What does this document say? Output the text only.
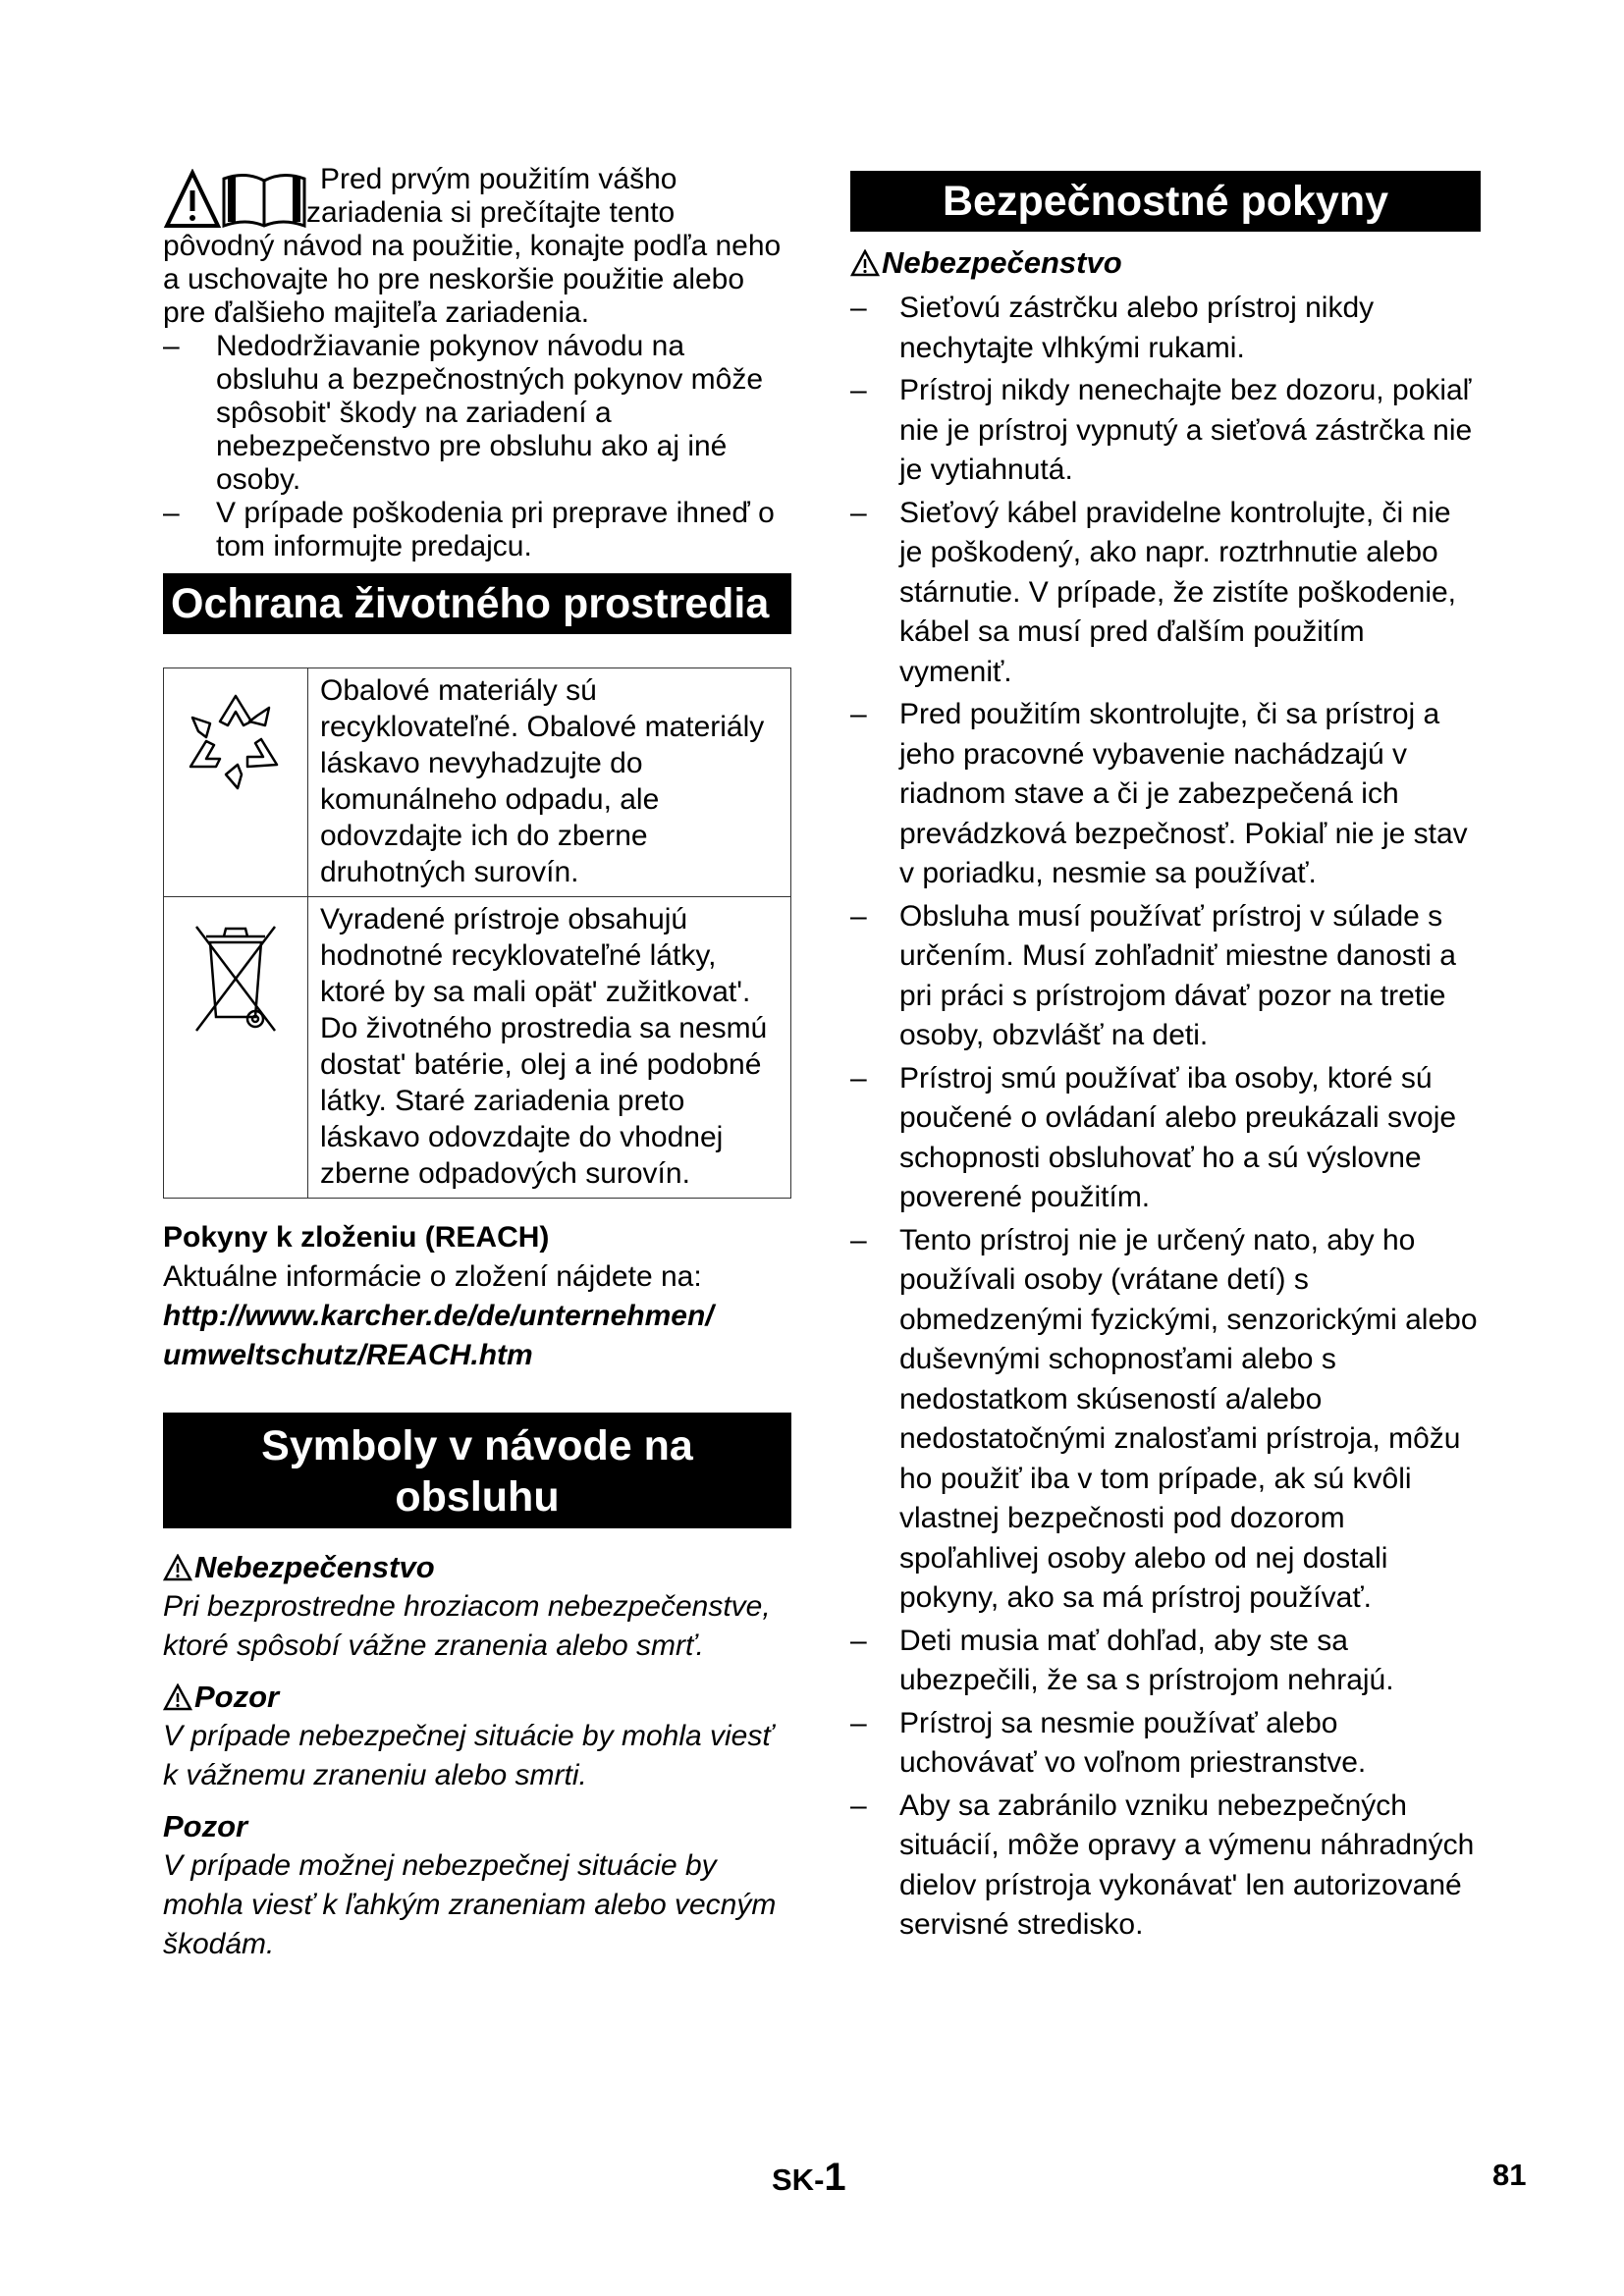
Pred prvým použitím vášho
zariadenia si prečítajte tento
pôvodný návod na použitie, konajte podľa neho a uschovajte ho pre neskoršie použitie alebo pre ďalšieho majiteľa zariadenia.
–
Nedodržiavanie pokynov návodu na obsluhu a bezpečnostných pokynov môže spôsobit' škody na zariadení a nebezpečenstvo pre obsluhu ako aj iné osoby.
–
V prípade poškodenia pri preprave ihneď o tom informujte predajcu.
Ochrana životného prostredia
	Obalové materiály sú recyklovateľné. Obalové materiály láskavo nevyhadzujte do komunálneho odpadu, ale odovzdajte ich do zberne druhotných surovín.
	Vyradené prístroje obsahujú hodnotné recyklovateľné látky, ktoré by sa mali opät' zužitkovat'. Do životného prostredia sa nesmú dostat' batérie, olej a iné podobné látky. Staré zariadenia preto láskavo odovzdajte do vhodnej zberne odpadových surovín.
Pokyny k zloženiu (REACH)
Aktuálne informácie o zložení nájdete na:
http://www.karcher.de/de/unternehmen/
umweltschutz/REACH.htm
Symboly v návode na
obsluhu
Nebezpečenstvo
Pri bezprostredne hroziacom nebezpečenstve, ktoré spôsobí vážne zranenia alebo smrť.
Pozor
V prípade nebezpečnej situácie by mohla viesť k vážnemu zraneniu alebo smrti.
Pozor
V prípade možnej nebezpečnej situácie by mohla viesť k ľahkým zraneniam alebo vecným škodám.
Bezpečnostné pokyny
Nebezpečenstvo
– Sieťovú zástrčku alebo prístroj nikdy nechytajte vlhkými rukami.
– Prístroj nikdy nenechajte bez dozoru, pokiaľ nie je prístroj vypnutý a sieťová zástrčka nie je vytiahnutá.
– Sieťový kábel pravidelne kontrolujte, či nie je poškodený, ako napr. roztrhnutie alebo stárnutie. V prípade, že zistíte poškodenie, kábel sa musí pred ďalším použitím vymeniť.
– Pred použitím skontrolujte, či sa prístroj a jeho pracovné vybavenie nachádzajú v riadnom stave a či je zabezpečená ich prevádzková bezpečnosť. Pokiaľ nie je stav v poriadku, nesmie sa používať.
– Obsluha musí používať prístroj v súlade s určením. Musí zohľadniť miestne danosti a pri práci s prístrojom dávať pozor na tretie osoby, obzvlášť na deti.
– Prístroj smú používať iba osoby, ktoré sú poučené o ovládaní alebo preukázali svoje schopnosti obsluhovať ho a sú výslovne poverené použitím.
– Tento prístroj nie je určený nato, aby ho používali osoby (vrátane detí) s obmedzenými fyzickými, senzorickými alebo duševnými schopnosťami alebo s nedostatkom skúseností a/alebo nedostatočnými znalosťami prístroja, môžu ho použiť iba v tom prípade, ak sú kvôli vlastnej bezpečnosti pod dozorom spoľahlivej osoby alebo od nej dostali pokyny, ako sa má prístroj používať.
– Deti musia mať dohľad, aby ste sa ubezpečili, že sa s prístrojom nehrajú.
– Prístroj sa nesmie používať alebo uchovávať vo voľnom priestranstve.
– Aby sa zabránilo vzniku nebezpečných situácií, môže opravy a výmenu náhradných dielov prístroja vykonávat' len autorizované servisné stredisko.
SK-1	81
